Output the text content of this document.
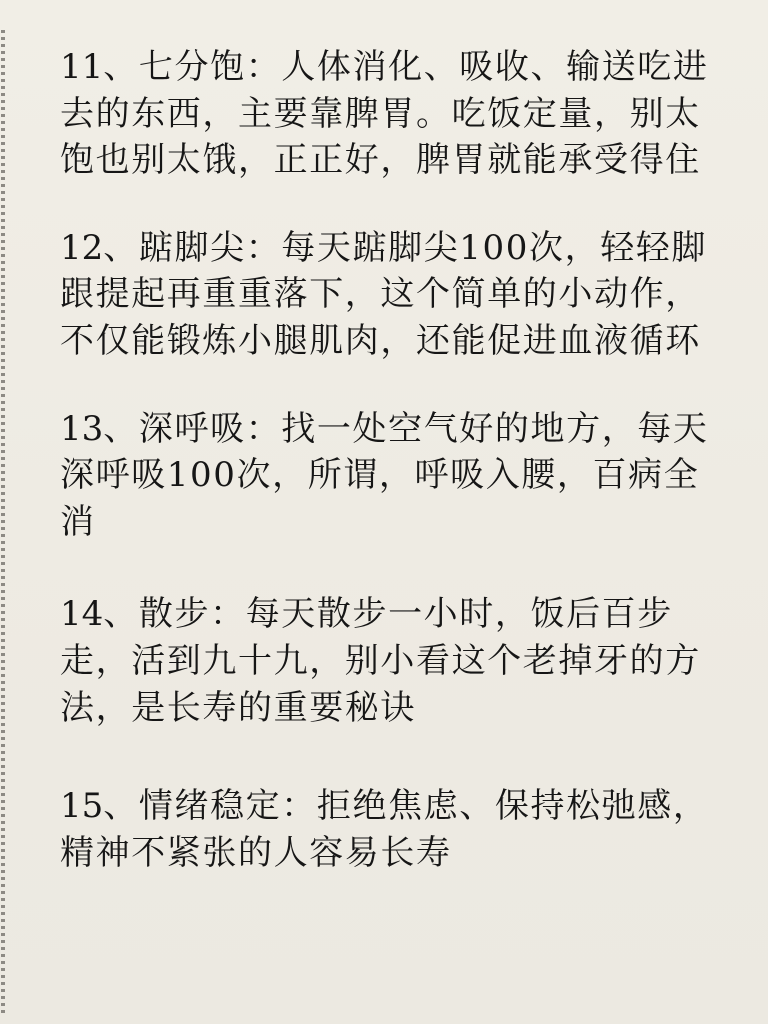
11、七分饱：人体消化、吸收、输送吃进去的东西，主要靠脾胃。吃饭定量，别太饱也别太饿，正正好，脾胃就能承受得住

12、踮脚尖：每天踮脚尖100次，轻轻脚跟提起再重重落下，这个简单的小动作，不仅能锻炼小腿肌肉，还能促进血液循环

13、深呼吸：找一处空气好的地方，每天深呼吸100次，所谓，呼吸入腰，百病全消

14、散步：每天散步一小时，饭后百步走，活到九十九，别小看这个老掉牙的方法，是长寿的重要秘诀

15、情绪稳定：拒绝焦虑、保持松弛感，精神不紧张的人容易长寿
